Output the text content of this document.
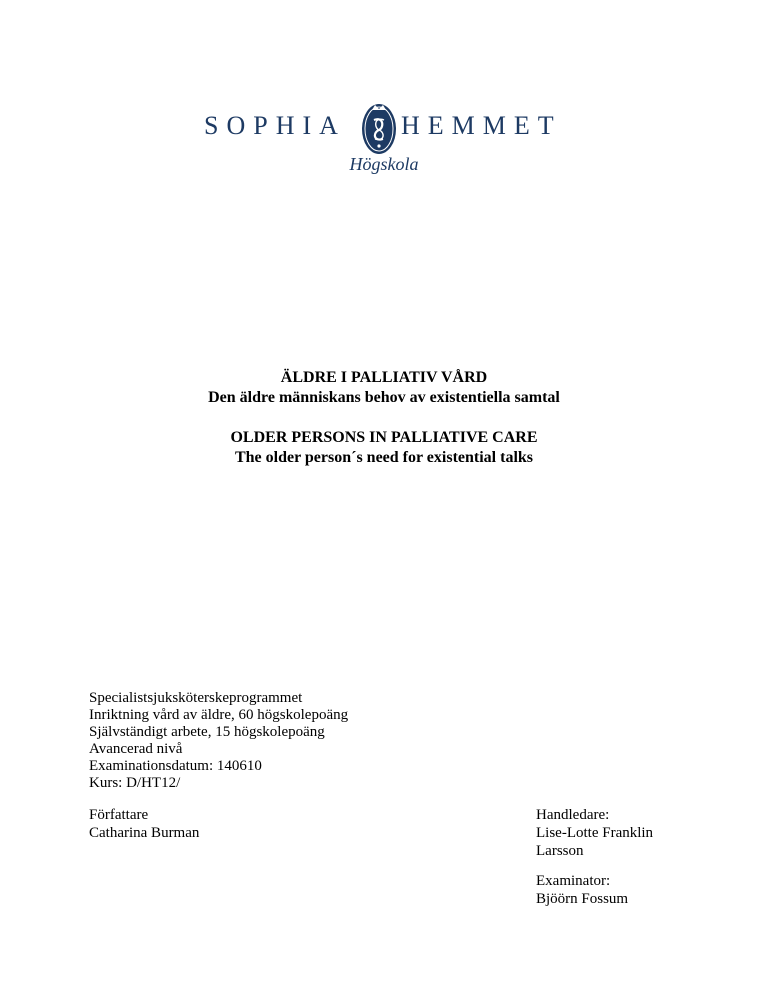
SOPHIA HEMMET
Högskola
ÄLDRE I PALLIATIV VÅRD
Den äldre människans behov av existentiella samtal
OLDER PERSONS IN PALLIATIVE CARE
The older person´s need for existential talks
Specialistsjuksköterskeprogrammet
Inriktning vård av äldre, 60 högskolepoäng
Självständigt arbete, 15 högskolepoäng
Avancerad nivå
Examinationsdatum: 140610
Kurs: D/HT12/
Författare
Catharina Burman
Handledare:
Lise-Lotte Franklin
Larsson
Examinator:
Bjöörn Fossum
